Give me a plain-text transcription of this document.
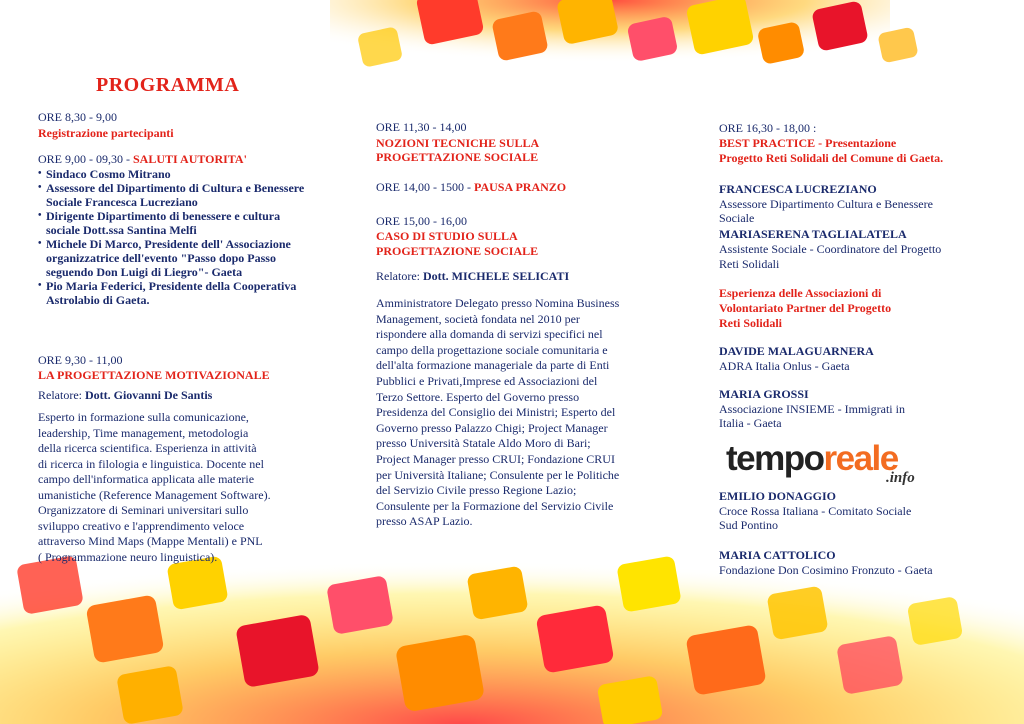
PROGRAMMA
ORE 8,30 - 9,00
Registrazione partecipanti
ORE 9,00 - 09,30 - SALUTI AUTORITA'
• Sindaco Cosmo Mitrano
• Assessore del Dipartimento di Cultura e Benessere Sociale Francesca Lucreziano
• Dirigente Dipartimento di benessere e cultura sociale Dott.ssa Santina Melfi
• Michele Di Marco, Presidente dell' Associazione organizzatrice dell'evento "Passo dopo Passo seguendo Don Luigi di Liegro"- Gaeta
• Pio Maria Federici, Presidente della Cooperativa Astrolabio di Gaeta.
ORE 9,30 - 11,00
LA PROGETTAZIONE MOTIVAZIONALE
Relatore: Dott. Giovanni De Santis
Esperto in formazione sulla comunicazione,
leadership, Time management, metodologia
della ricerca scientifica. Esperienza in attività
di ricerca in filologia e linguistica. Docente nel
campo dell'informatica applicata alle materie
umanistiche (Reference Management Software).
Organizzatore di Seminari universitari sullo
sviluppo creativo e l'apprendimento veloce
attraverso Mind Maps (Mappe Mentali) e PNL
( Programmazione neuro linguistica).
ORE 11,30 - 14,00
NOZIONI TECNICHE SULLA
PROGETTAZIONE SOCIALE
ORE 14,00 - 1500 - PAUSA PRANZO
ORE 15,00 - 16,00
CASO DI STUDIO SULLA
PROGETTAZIONE SOCIALE
Relatore: Dott. MICHELE SELICATI
Amministratore Delegato presso Nomina Business
Management, società fondata nel 2010 per
rispondere alla domanda di servizi specifici nel
campo della progettazione sociale comunitaria e
dell'alta formazione manageriale da parte di Enti
Pubblici e Privati,Imprese ed Associazioni del
Terzo Settore. Esperto del Governo presso
Presidenza del Consiglio dei Ministri; Esperto del
Governo presso Palazzo Chigi; Project Manager
presso Università Statale Aldo Moro di Bari;
Project Manager presso CRUI; Fondazione CRUI
per Università Italiane; Consulente per le Politiche
del Servizio Civile presso Regione Lazio;
Consulente per la Formazione del Servizio Civile
presso ASAP Lazio.
ORE 16,30 - 18,00 :
BEST PRACTICE - Presentazione
Progetto Reti Solidali del Comune di Gaeta.
FRANCESCA LUCREZIANO
Assessore Dipartimento Cultura e Benessere
Sociale
MARIASERENA TAGLIALATELA
Assistente Sociale - Coordinatore del Progetto
Reti Solidali
Esperienza delle Associazioni di
Volontariato Partner del Progetto
Reti Solidali
DAVIDE MALAGUARNERA
ADRA Italia Onlus - Gaeta
MARIA GROSSI
Associazione INSIEME - Immigrati in
Italia - Gaeta
EMILIO DONAGGIO
Croce Rossa Italiana - Comitato Sociale
Sud Pontino
MARIA CATTOLICO
Fondazione Don Cosimino Fronzuto - Gaeta
temporeale
.info
